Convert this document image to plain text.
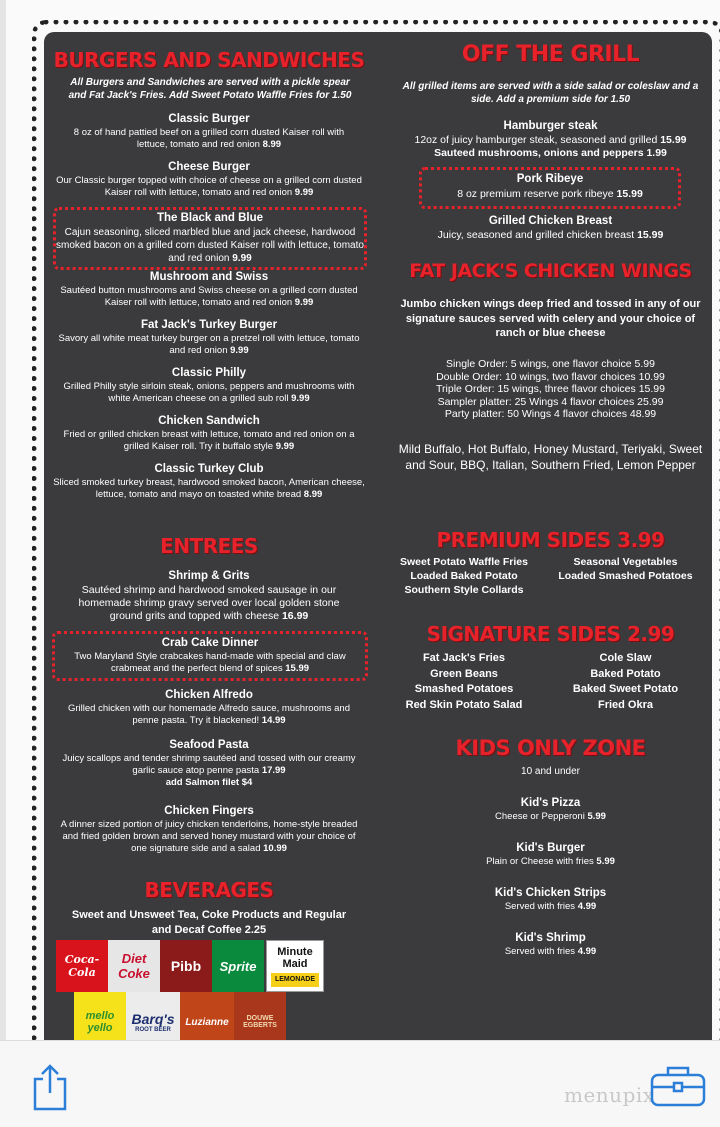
BURGERS AND SANDWICHES
All Burgers and Sandwiches are served with a pickle spear and Fat Jack's Fries. Add Sweet Potato Waffle Fries for 1.50
Classic Burger
8 oz of hand pattied beef on a grilled corn dusted Kaiser roll with lettuce, tomato and red onion 8.99
Cheese Burger
Our Classic burger topped with choice of cheese on a grilled corn dusted Kaiser roll with lettuce, tomato and red onion 9.99
The Black and Blue
Cajun seasoning, sliced marbled blue and jack cheese, hardwood smoked bacon on a grilled corn dusted Kaiser roll with lettuce, tomato and red onion 9.99
Mushroom and Swiss
Sautéed button mushrooms and Swiss cheese on a grilled corn dusted Kaiser roll with lettuce, tomato and red onion 9.99
Fat Jack's Turkey Burger
Savory all white meat turkey burger on a pretzel roll with lettuce, tomato and red onion 9.99
Classic Philly
Grilled Philly style sirloin steak, onions, peppers and mushrooms with white American cheese on a grilled sub roll 9.99
Chicken Sandwich
Fried or grilled chicken breast with lettuce, tomato and red onion on a grilled Kaiser roll. Try it buffalo style 9.99
Classic Turkey Club
Sliced smoked turkey breast, hardwood smoked bacon, American cheese, lettuce, tomato and mayo on toasted white bread 8.99
ENTREES
Shrimp & Grits
Sautéed shrimp and hardwood smoked sausage in our homemade shrimp gravy served over local golden stone ground grits and topped with cheese 16.99
Crab Cake Dinner
Two Maryland Style crabcakes hand-made with special and claw crabmeat and the perfect blend of spices 15.99
Chicken Alfredo
Grilled chicken with our homemade Alfredo sauce, mushrooms and penne pasta. Try it blackened! 14.99
Seafood Pasta
Juicy scallops and tender shrimp sautéed and tossed with our creamy garlic sauce atop penne pasta 17.99
add Salmon filet $4
Chicken Fingers
A dinner sized portion of juicy chicken tenderloins, home-style breaded and fried golden brown and served honey mustard with your choice of one signature side and a salad 10.99
BEVERAGES
Sweet and Unsweet Tea, Coke Products and Regular
and Decaf Coffee 2.25
Coca-Cola
Diet Coke	Pibb Sprite
Minute Maid
LEMONADE
mello yello
Barq's
ROOT BEER
Luzianne	DOUWE EGBERTS
OFF THE GRILL
All grilled items are served with a side salad or coleslaw and a side. Add a premium side for 1.50
Hamburger steak
12oz of juicy hamburger steak, seasoned and grilled 15.99
Sauteed mushrooms, onions and peppers 1.99
Pork Ribeye
8 oz premium reserve pork ribeye 15.99
Grilled Chicken Breast
Juicy, seasoned and grilled chicken breast 15.99
FAT JACK'S CHICKEN WINGS
Jumbo chicken wings deep fried and tossed in any of our signature sauces served with celery and your choice of ranch or blue cheese
Single Order: 5 wings, one flavor choice 5.99
Double Order: 10 wings, two flavor choices 10.99
Triple Order: 15 wings, three flavor choices 15.99
Sampler platter: 25 Wings 4 flavor choices 25.99
Party platter: 50 Wings 4 flavor choices 48.99
Mild Buffalo, Hot Buffalo, Honey Mustard, Teriyaki, Sweet and Sour, BBQ, Italian, Southern Fried, Lemon Pepper
PREMIUM SIDES 3.99
Sweet Potato Waffle Fries
Loaded Baked Potato
Southern Style Collards
Seasonal Vegetables
Loaded Smashed Potatoes
SIGNATURE SIDES 2.99
Fat Jack's Fries
Green Beans
Smashed Potatoes
Red Skin Potato Salad
Cole Slaw
Baked Potato
Baked Sweet Potato
Fried Okra
KIDS ONLY ZONE
10 and under
Kid's Pizza
Cheese or Pepperoni 5.99
Kid's Burger
Plain or Cheese with fries 5.99
Kid's Chicken Strips
Served with fries 4.99
Kid's Shrimp
Served with fries 4.99
menupix
